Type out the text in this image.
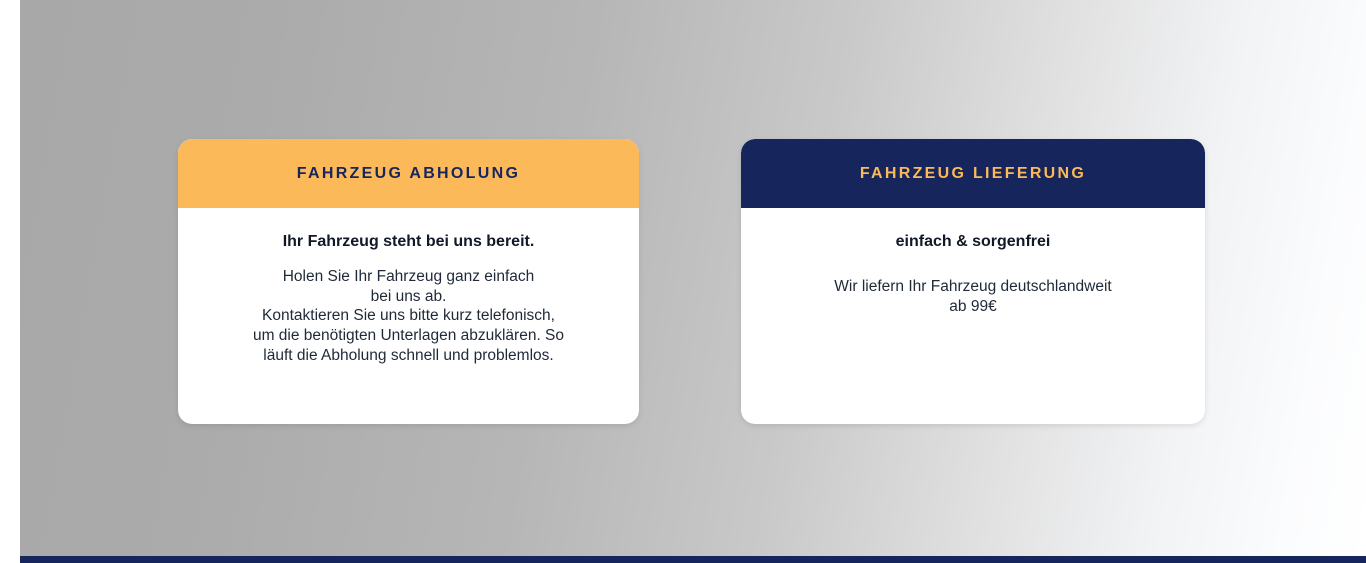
FAHRZEUG ABHOLUNG

Ihr Fahrzeug steht bei uns bereit.

Holen Sie Ihr Fahrzeug ganz einfach
bei uns ab.
Kontaktieren Sie uns bitte kurz telefonisch,
um die benötigten Unterlagen abzuklären. So
läuft die Abholung schnell und problemlos.

FAHRZEUG LIEFERUNG

einfach & sorgenfrei

Wir liefern Ihr Fahrzeug deutschlandweit
ab 99€
